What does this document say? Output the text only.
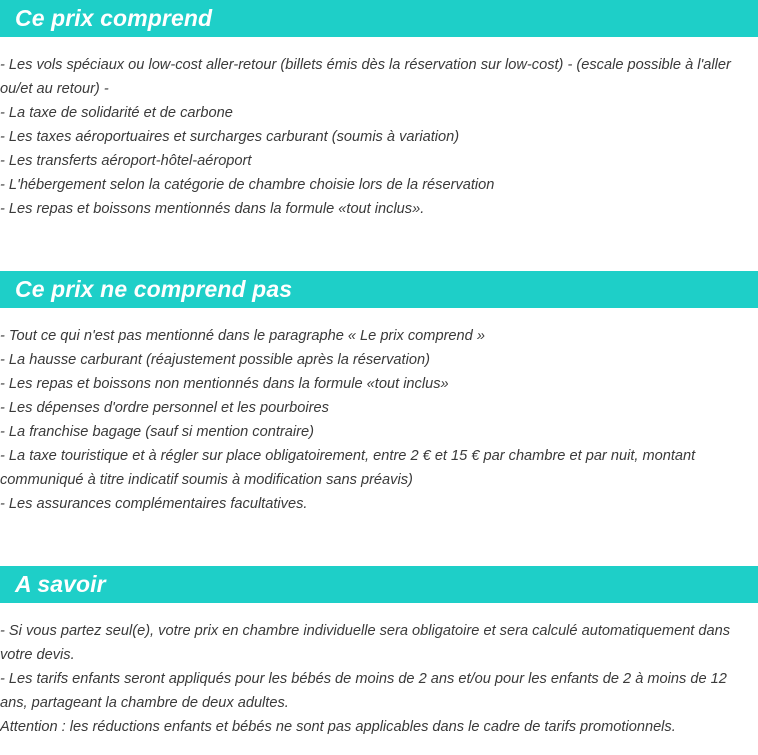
Ce prix comprend

- Les vols spéciaux ou low-cost aller-retour (billets émis dès la réservation sur low-cost) - (escale possible à l'aller ou/et au retour) -

- La taxe de solidarité et de carbone

- Les taxes aéroportuaires et surcharges carburant (soumis à variation)

- Les transferts aéroport-hôtel-aéroport

- L'hébergement selon la catégorie de chambre choisie lors de la réservation

- Les repas et boissons mentionnés dans la formule «tout inclus».

Ce prix ne comprend pas

- Tout ce qui n'est pas mentionné dans le paragraphe « Le prix comprend »

- La hausse carburant (réajustement possible après la réservation)

- Les repas et boissons non mentionnés dans la formule «tout inclus»

- Les dépenses d'ordre personnel et les pourboires

- La franchise bagage (sauf si mention contraire)

- La taxe touristique et à régler sur place obligatoirement, entre 2 € et 15 € par chambre et par nuit, montant communiqué à titre indicatif soumis à modification sans préavis)

- Les assurances complémentaires facultatives.

A savoir

- Si vous partez seul(e), votre prix en chambre individuelle sera obligatoire et sera calculé automatiquement dans votre devis.

- Les tarifs enfants seront appliqués pour les bébés de moins de 2 ans et/ou pour les enfants de 2 à moins de 12 ans, partageant la chambre de deux adultes.

Attention : les réductions enfants et bébés ne sont pas applicables dans le cadre de tarifs promotionnels.
